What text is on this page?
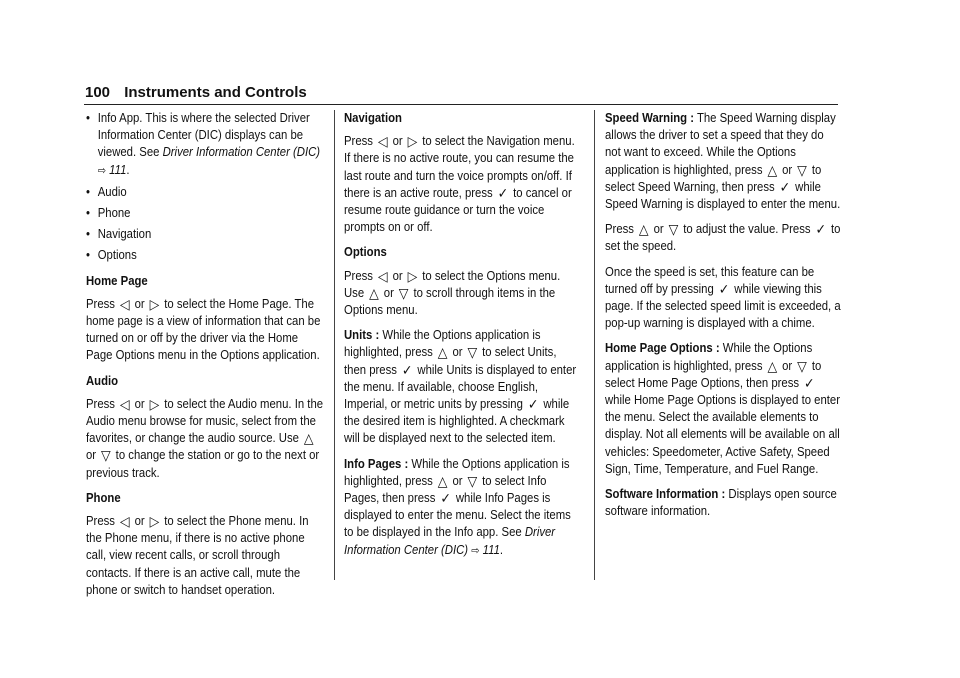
100 Instruments and Controls

• Info App. This is where the selected Driver Information Center (DIC) displays can be viewed. See Driver Information Center (DIC) ⇨ 111.

• Audio

• Phone

• Navigation

• Options

Home Page

Press ◁ or ▷ to select the Home Page. The home page is a view of information that can be turned on or off by the driver via the Home Page Options menu in the Options application.

Audio

Press ◁ or ▷ to select the Audio menu. In the Audio menu browse for music, select from the favorites, or change the audio source. Use △ or ▽ to change the station or go to the next or previous track.

Phone

Press ◁ or ▷ to select the Phone menu. In the Phone menu, if there is no active phone call, view recent calls, or scroll through contacts. If there is an active call, mute the phone or switch to handset operation.

Navigation

Press ◁ or ▷ to select the Navigation menu. If there is no active route, you can resume the last route and turn the voice prompts on/off. If there is an active route, press ✓ to cancel or resume route guidance or turn the voice prompts on or off.

Options

Press ◁ or ▷ to select the Options menu. Use △ or ▽ to scroll through items in the Options menu.

Units : While the Options application is highlighted, press △ or ▽ to select Units, then press ✓ while Units is displayed to enter the menu. If available, choose English, Imperial, or metric units by pressing ✓ while the desired item is highlighted. A checkmark will be displayed next to the selected item.

Info Pages : While the Options application is highlighted, press △ or ▽ to select Info Pages, then press ✓ while Info Pages is displayed to enter the menu. Select the items to be displayed in the Info app. See Driver Information Center (DIC) ⇨ 111.

Speed Warning : The Speed Warning display allows the driver to set a speed that they do not want to exceed. While the Options application is highlighted, press △ or ▽ to select Speed Warning, then press ✓ while Speed Warning is displayed to enter the menu.

Press △ or ▽ to adjust the value. Press ✓ to set the speed.

Once the speed is set, this feature can be turned off by pressing ✓ while viewing this page. If the selected speed limit is exceeded, a pop-up warning is displayed with a chime.

Home Page Options : While the Options application is highlighted, press △ or ▽ to select Home Page Options, then press ✓ while Home Page Options is displayed to enter the menu. Select the available elements to display. Not all elements will be available on all vehicles: Speedometer, Active Safety, Speed Sign, Time, Temperature, and Fuel Range.

Software Information : Displays open source software information.
